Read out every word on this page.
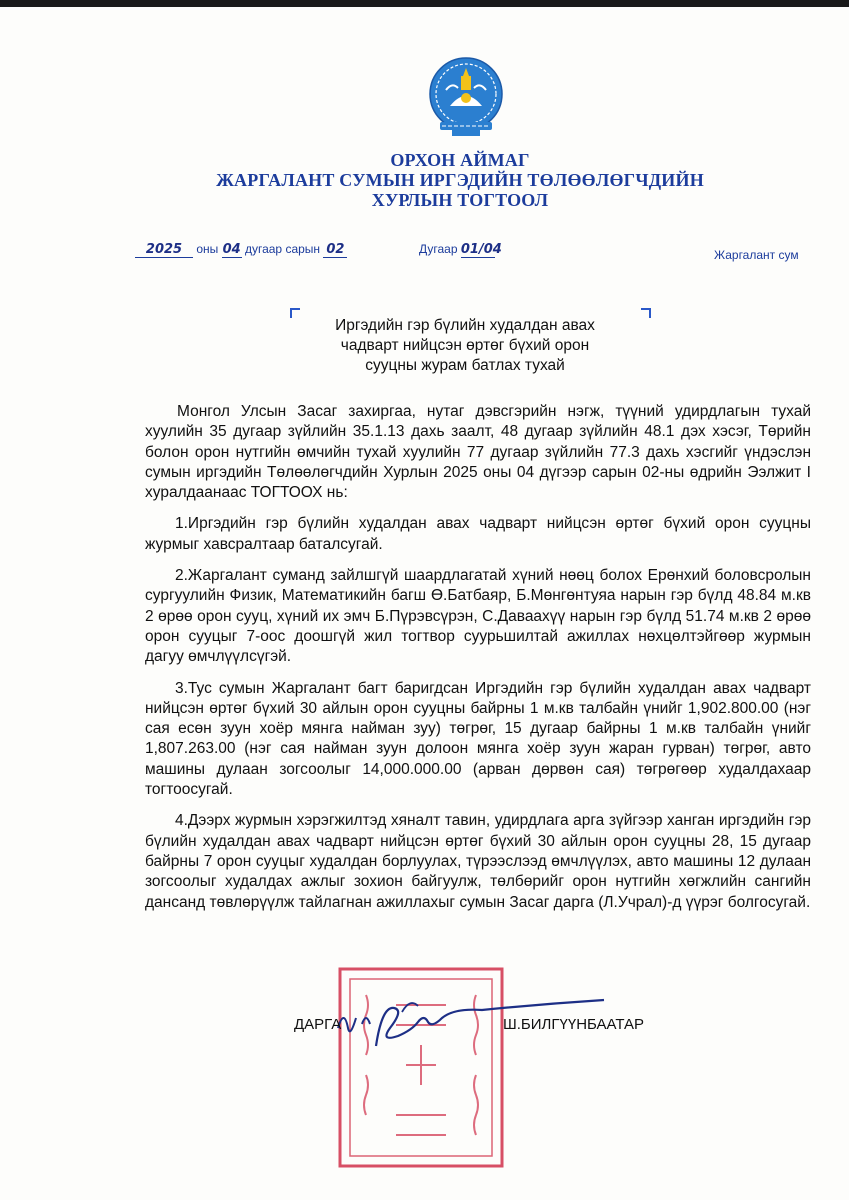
ОРХОН АЙМАГ
ЖАРГАЛАНТ СУМЫН ИРГЭДИЙН ТӨЛӨӨЛӨГЧДИЙН
ХУРЛЫН ТОГТООЛ
2025 оны 04 дугаар сарын 02	Дугаар 01/04	Жаргалант сум
Иргэдийн гэр бүлийн худалдан авах
чадварт нийцсэн өртөг бүхий орон
сууцны журам батлах тухай

Монгол Улсын Засаг захиргаа, нутаг дэвсгэрийн нэгж, түүний удирдлагын тухай хуулийн 35 дугаар зүйлийн 35.1.13 дахь заалт, 48 дугаар зүйлийн 48.1 дэх хэсэг, Төрийн болон орон нутгийн өмчийн тухай хуулийн 77 дугаар зүйлийн 77.3 дахь хэсгийг үндэслэн сумын иргэдийн Төлөөлөгчдийн Хурлын 2025 оны 04 дүгээр сарын 02-ны өдрийн Ээлжит I хуралдаанаас ТОГТООХ нь:

1.Иргэдийн гэр бүлийн худалдан авах чадварт нийцсэн өртөг бүхий орон сууцны журмыг хавсралтаар баталсугай.

2.Жаргалант суманд зайлшгүй шаардлагатай хүний нөөц болох Ерөнхий боловсролын сургуулийн Физик, Математикийн багш Ө.Батбаяр, Б.Мөнгөнтуяа нарын гэр бүлд 48.84 м.кв 2 өрөө орон сууц, хүний их эмч Б.Пүрэвсүрэн, С.Даваахүү нарын гэр бүлд 51.74 м.кв 2 өрөө орон сууцыг 7-оос доошгүй жил тогтвор суурьшилтай ажиллах нөхцөлтэйгөөр журмын дагуу өмчлүүлсүгэй.

3.Тус сумын Жаргалант багт баригдсан Иргэдийн гэр бүлийн худалдан авах чадварт нийцсэн өртөг бүхий 30 айлын орон сууцны байрны 1 м.кв талбайн үнийг 1,902.800.00 (нэг сая есөн зуун хоёр мянга найман зуу) төгрөг, 15 дугаар байрны 1 м.кв талбайн үнийг 1,807.263.00 (нэг сая найман зуун долоон мянга хоёр зуун жаран гурван) төгрөг, авто машины дулаан зогсоолыг 14,000.000.00 (арван дөрвөн сая) төгрөгөөр худалдахаар тогтоосугай.

4.Дээрх журмын хэрэгжилтэд хяналт тавин, удирдлага арга зүйгээр ханган иргэдийн гэр бүлийн худалдан авах чадварт нийцсэн өртөг бүхий 30 айлын орон сууцны 28, 15 дугаар байрны 7 орон сууцыг худалдан борлуулах, түрээслээд өмчлүүлэх, авто машины 12 дулаан зогсоолыг худалдах ажлыг зохион байгуулж, төлбөрийг орон нутгийн хөгжлийн сангийн дансанд төвлөрүүлж тайлагнан ажиллахыг сумын Засаг дарга (Л.Учрал)-д үүрэг болгосугай.

ДАРГА	Ш.БИЛГҮҮНБААТАР
